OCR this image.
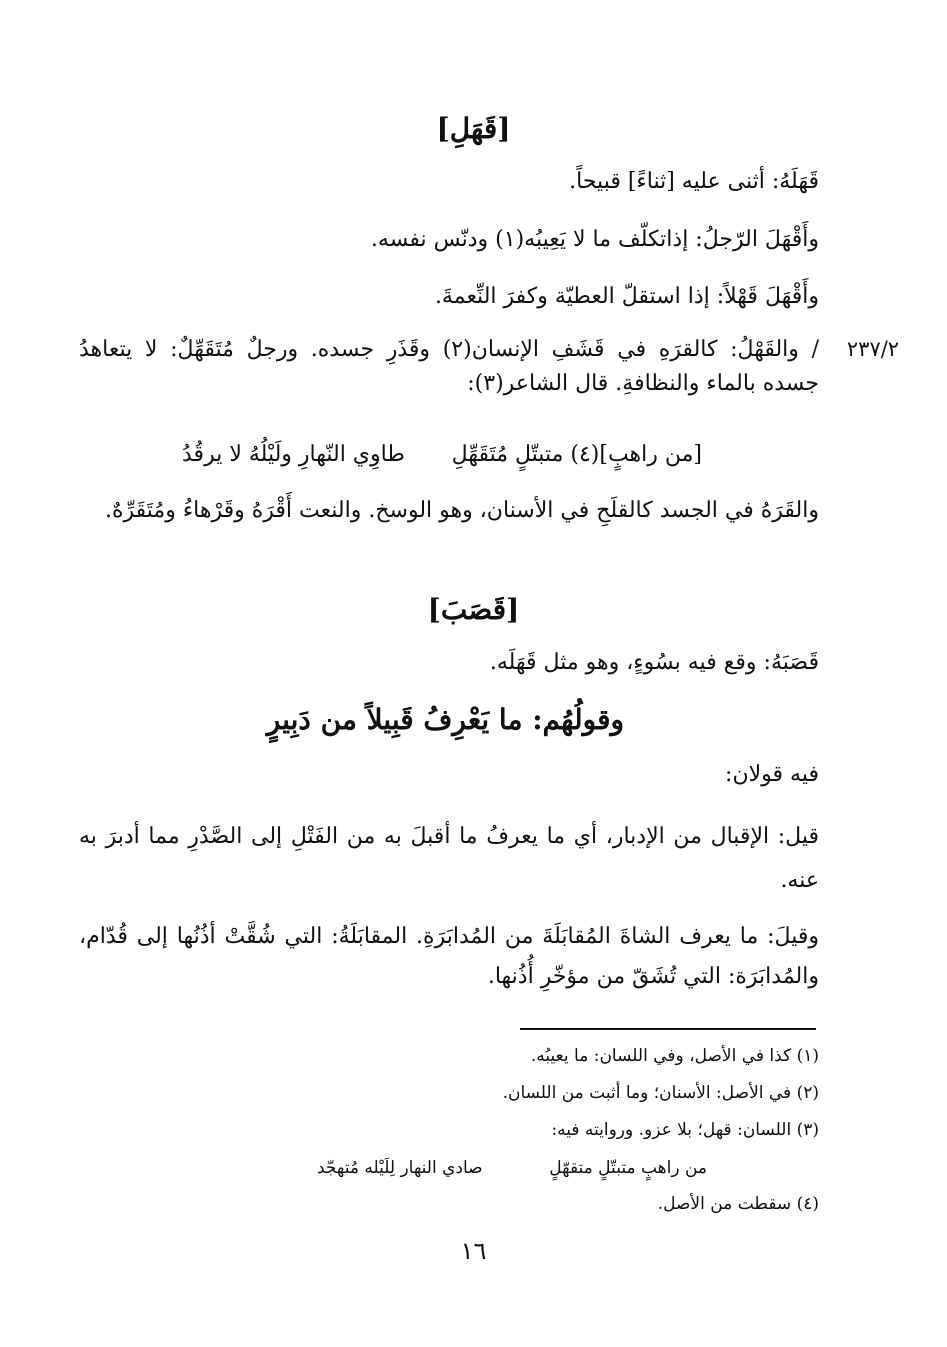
٢٣٧/٢
[قَهَلِ]
قَهَلَهُ: أثنى عليه [ثناءً] قبيحاً.
وأَقْهَلَ الرّجلُ: إذاتكلّف ما لا يَعِيبُه(١) ودنّس نفسه.
وأَقْهَلَ قَهْلاً: إذا استقلّ العطيّة وكفرَ النِّعمةَ.
/ والقَهْلُ: كالقرَهِ في قَشَفِ الإنسان(٢) وقَذَرِ جسده. ورجلٌ مُتَقَهِّلٌ: لا يتعاهدُ جسده بالماء والنظافةِ. قال الشاعر(٣):
[من راهبٍ](٤) متبتّلٍ مُتَقَهِّلِ
طاوِي النّهارِ ولَيْلُهُ لا يرقُدُ
والقَرَهُ في الجسد كالقلَحِ في الأسنان، وهو الوسخ. والنعت أَقْرَهُ وقَرْهاءُ ومُتَقَرِّهٌ.
[قَصَبَ]
قَصَبَهُ: وقع فيه بسُوءٍ، وهو مثل قَهَلَه.
وقولُهُم: ما يَعْرِفُ قَبِيلاً من دَبِيرٍ
فيه قولان:
قيل: الإقبال من الإدبار، أي ما يعرفُ ما أقبلَ به من الفَتْلِ إلى الصَّدْرِ مما أدبرَ به عنه.
وقيلَ: ما يعرف الشاةَ المُقابَلَةَ من المُدابَرَةِ. المقابَلَةُ: التي شُقَّتْ أذُنُها إلى قُدّام، والمُدابَرَة: التي تُشَقّ من مؤخّرِ أُذُنها.
(١) كذا في الأصل، وفي اللسان: ما يعيبُه.
(٢) في الأصل: الأسنان؛ وما أثبت من اللسان.
(٣) اللسان: قهل؛ بلا عزو. وروايته فيه:
من راهبٍ متبتّلٍ متقهّلٍ
صادي النهار لِلَيْله مُتهجّد
(٤) سقطت من الأصل.
١٦
